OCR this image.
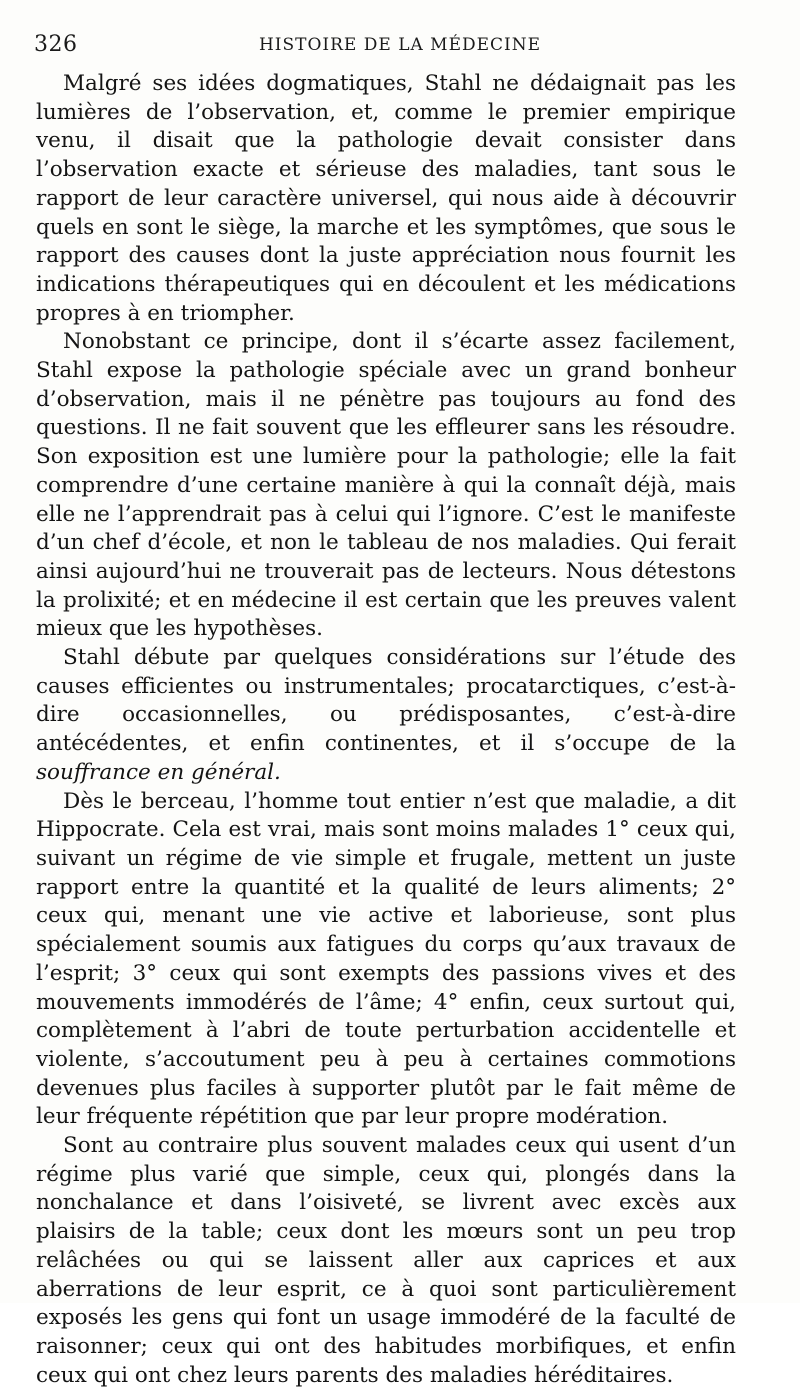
326	HISTOIRE DE LA MÉDECINE

Malgré ses idées dogmatiques, Stahl ne dédaignait pas les lumières de l’observation, et, comme le premier empirique venu, il disait que la pathologie devait consister dans l’observation exacte et sérieuse des maladies, tant sous le rapport de leur caractère universel, qui nous aide à découvrir quels en sont le siège, la marche et les symptômes, que sous le rapport des causes dont la juste appréciation nous fournit les indications thérapeutiques qui en découlent et les médications propres à en triompher.

Nonobstant ce principe, dont il s’écarte assez facilement, Stahl expose la pathologie spéciale avec un grand bonheur d’observation, mais il ne pénètre pas toujours au fond des questions. Il ne fait souvent que les effleurer sans les résoudre. Son exposition est une lumière pour la pathologie; elle la fait comprendre d’une certaine manière à qui la connaît déjà, mais elle ne l’apprendrait pas à celui qui l’ignore. C’est le manifeste d’un chef d’école, et non le tableau de nos maladies. Qui ferait ainsi aujourd’hui ne trouverait pas de lecteurs. Nous détestons la prolixité; et en médecine il est certain que les preuves valent mieux que les hypothèses.

Stahl débute par quelques considérations sur l’étude des causes efficientes ou instrumentales; procatarctiques, c’est-à-dire occasionnelles, ou prédisposantes, c’est-à-dire antécédentes, et enfin continentes, et il s’occupe de la souffrance en général.

Dès le berceau, l’homme tout entier n’est que maladie, a dit Hippocrate. Cela est vrai, mais sont moins malades 1° ceux qui, suivant un régime de vie simple et frugale, mettent un juste rapport entre la quantité et la qualité de leurs aliments; 2° ceux qui, menant une vie active et laborieuse, sont plus spécialement soumis aux fatigues du corps qu’aux travaux de l’esprit; 3° ceux qui sont exempts des passions vives et des mouvements immodérés de l’âme; 4° enfin, ceux surtout qui, complètement à l’abri de toute perturbation accidentelle et violente, s’accoutument peu à peu à certaines commotions devenues plus faciles à supporter plutôt par le fait même de leur fréquente répétition que par leur propre modération.

Sont au contraire plus souvent malades ceux qui usent d’un régime plus varié que simple, ceux qui, plongés dans la nonchalance et dans l’oisiveté, se livrent avec excès aux plaisirs de la table; ceux dont les mœurs sont un peu trop relâchées ou qui se laissent aller aux caprices et aux aberrations de leur esprit, ce à quoi sont particulièrement exposés les gens qui font un usage immodéré de la faculté de raisonner; ceux qui ont des habitudes morbifiques, et enfin ceux qui ont chez leurs parents des maladies héréditaires.
